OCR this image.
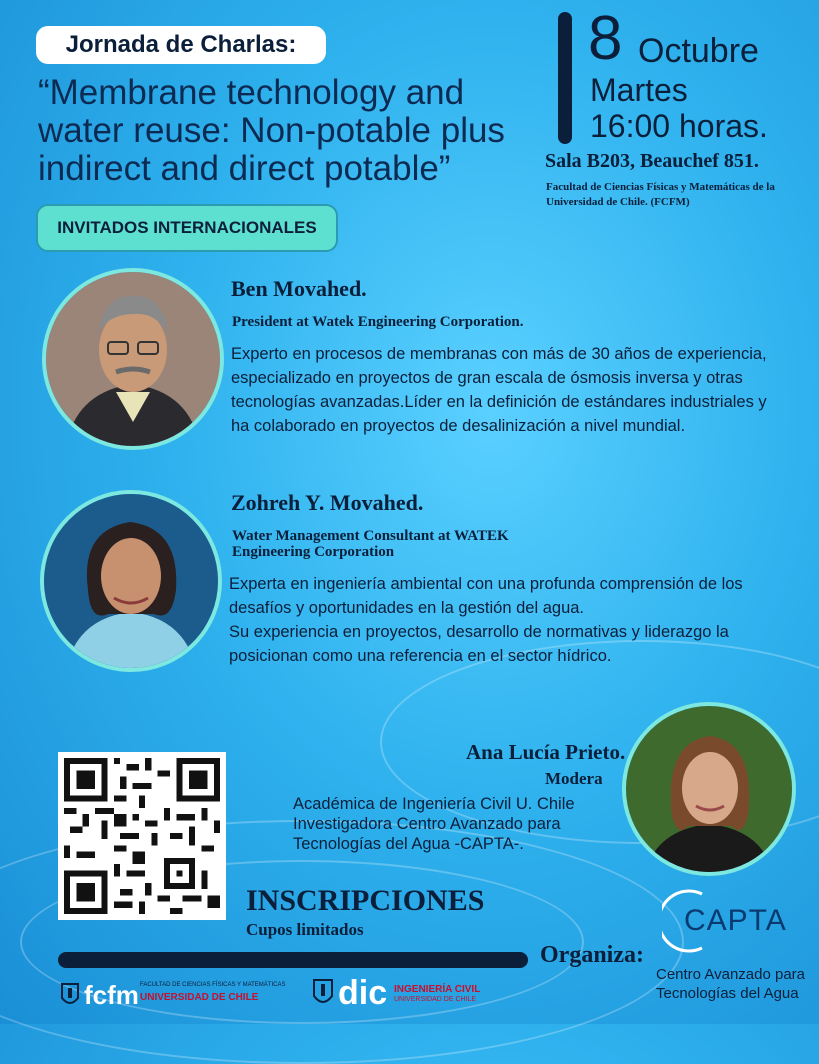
Jornada de Charlas:
“Membrane technology and water reuse: Non-potable plus indirect and direct potable”
8 Octubre
Martes
16:00 horas.
Sala B203, Beauchef 851.
Facultad de Ciencias Físicas y Matemáticas de la Universidad de Chile. (FCFM)
INVITADOS INTERNACIONALES
Ben Movahed.
President at Watek Engineering Corporation.
Experto en procesos de membranas con más de 30 años de experiencia, especializado en proyectos de gran escala de ósmosis inversa y otras tecnologías avanzadas.Líder en la definición de estándares industriales y ha colaborado en proyectos de desalinización a nivel mundial.
Zohreh Y. Movahed.
Water Management Consultant at WATEK Engineering Corporation
Experta en ingeniería ambiental con una profunda comprensión de los desafíos y oportunidades en la gestión del agua.
Su experiencia en proyectos, desarrollo de normativas y liderazgo la posicionan como una referencia en el sector hídrico.
Ana Lucía Prieto.
Modera
Académica de Ingeniería Civil U. Chile
Investigadora Centro Avanzado para
Tecnologías del Agua -CAPTA-.
INSCRIPCIONES
Cupos limitados
Organiza:
CAPTA
Centro Avanzado para
Tecnologías del Agua
fcfm FACULTAD DE CIENCIAS FÍSICAS Y MATEMÁTICAS
UNIVERSIDAD DE CHILE dic INGENIERÍA CIVIL
UNIVERSIDAD DE CHILE
